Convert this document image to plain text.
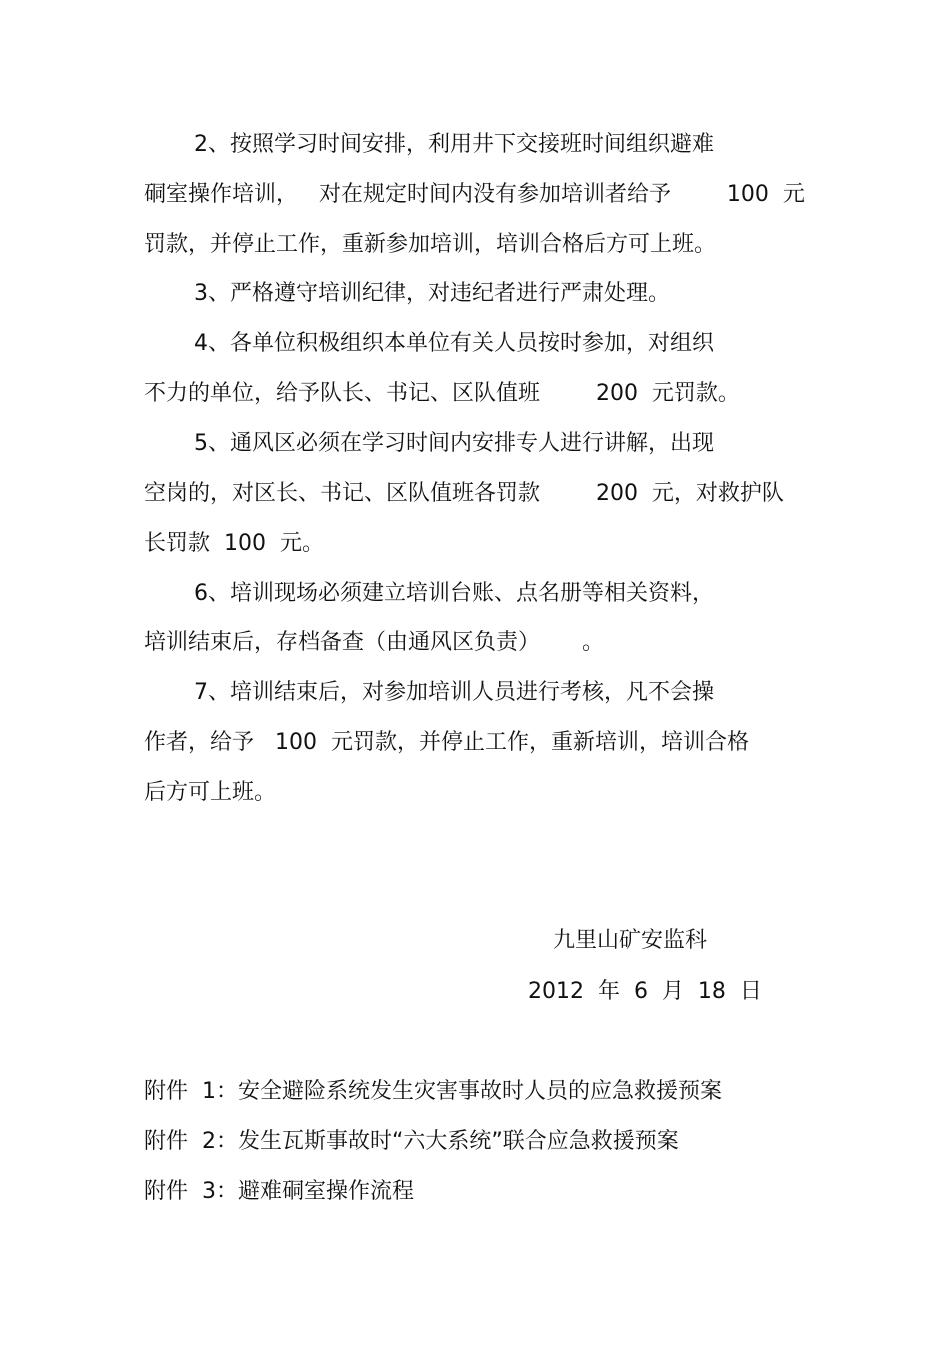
2、按照学习时间安排，利用井下交接班时间组织避难
硐室操作培训，   对在规定时间内没有参加培训者给予        100  元
罚款，并停止工作，重新参加培训，培训合格后方可上班。
3、严格遵守培训纪律，对违纪者进行严肃处理。
4、各单位积极组织本单位有关人员按时参加，对组织
不力的单位，给予队长、书记、区队值班        200  元罚款。
5、通风区必须在学习时间内安排专人进行讲解，出现
空岗的，对区长、书记、区队值班各罚款        200  元，对救护队
长罚款  100  元。
6、培训现场必须建立培训台账、点名册等相关资料，
培训结束后，存档备查（由通风区负责）      。
7、培训结束后，对参加培训人员进行考核，凡不会操
作者，给予   100  元罚款，并停止工作，重新培训，培训合格
后方可上班。
九里山矿安监科
2012  年  6  月  18  日
附件  1：安全避险系统发生灾害事故时人员的应急救援预案
附件  2：发生瓦斯事故时“六大系统”联合应急救援预案
附件  3：避难硐室操作流程
